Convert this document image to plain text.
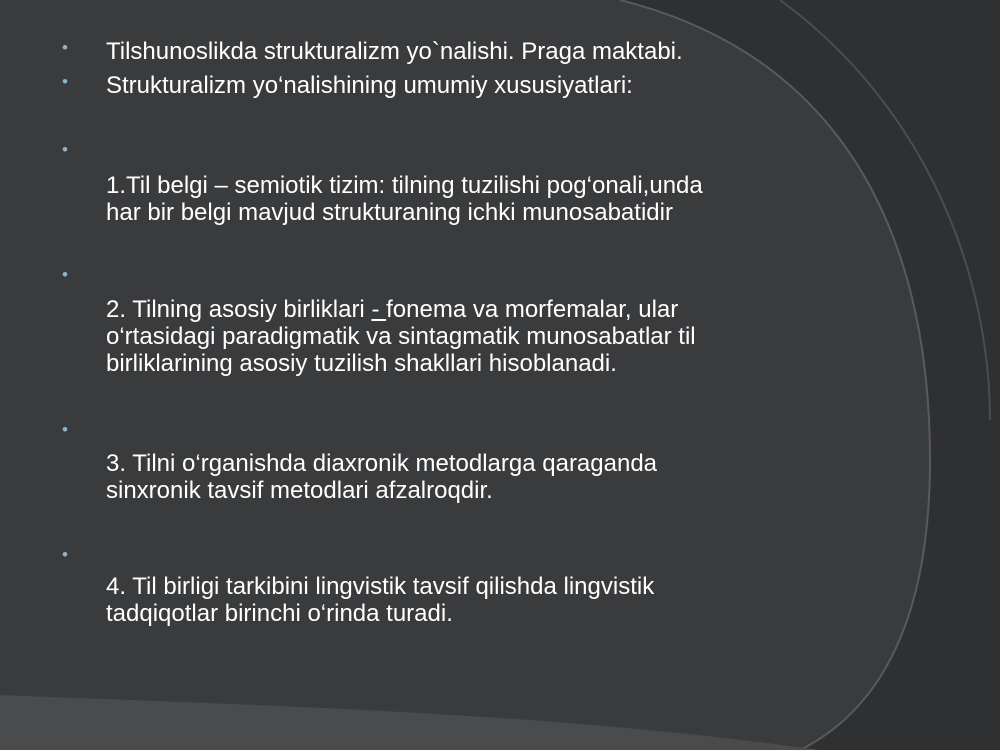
• Tilshunoslikda strukturalizm yo`nalishi. Praga maktabi.
• Strukturalizm yo‘nalishining umumiy xususiyatlari:
•
1.Til belgi – semiotik tizim: tilning tuzilishi pog‘onali,unda
har bir belgi mavjud strukturaning ichki munosabatidir
•
2. Tilning asosiy birliklari - fonema va morfemalar, ular
o‘rtasidagi paradigmatik va sintagmatik munosabatlar til
birliklarining asosiy tuzilish shakllari hisoblanadi.
•
3. Tilni o‘rganishda diaxronik metodlarga qaraganda
sinxronik tavsif metodlari afzalroqdir.
•
4. Til birligi tarkibini lingvistik tavsif qilishda lingvistik
tadqiqotlar birinchi o‘rinda turadi.
